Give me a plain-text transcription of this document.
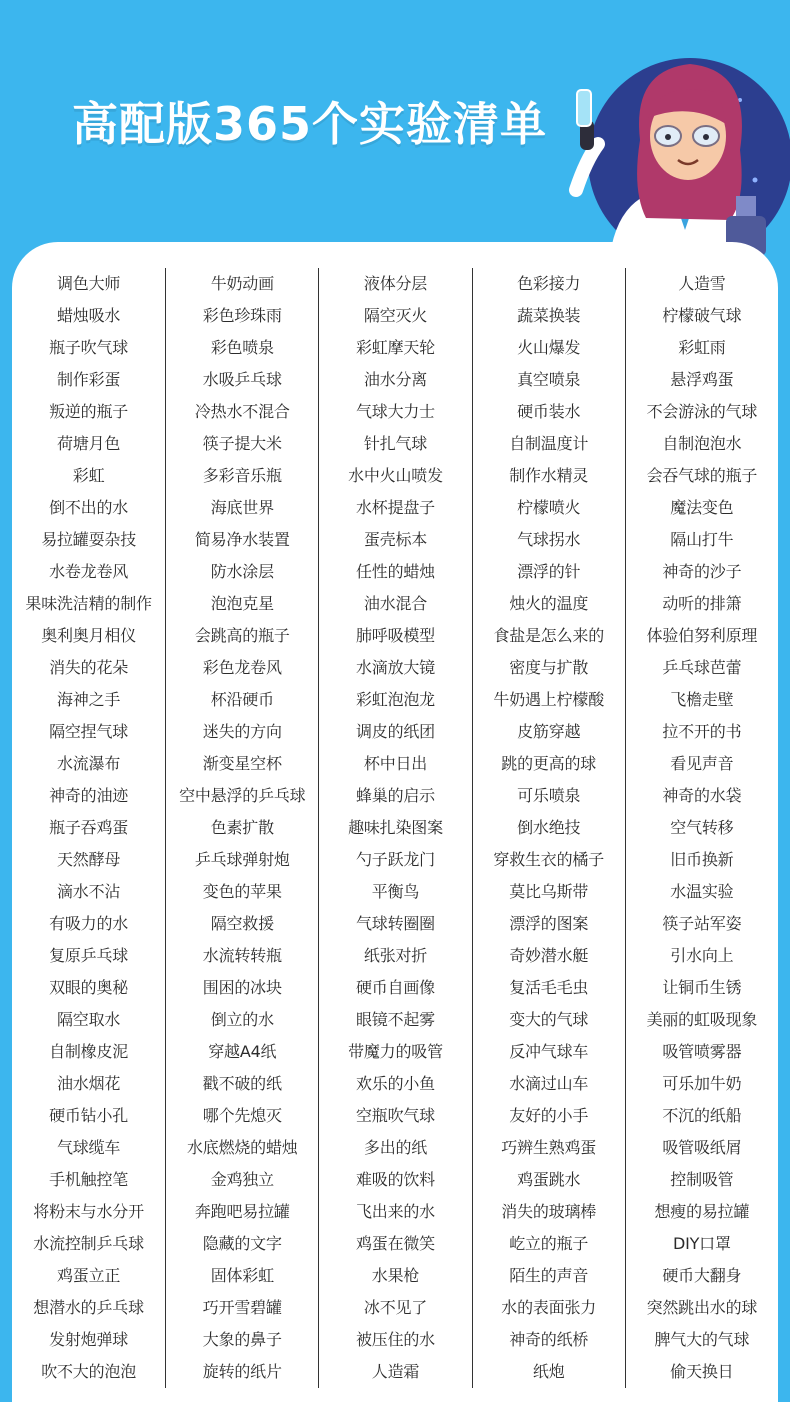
高配版365个实验清单
调色大师
蜡烛吸水
瓶子吹气球
制作彩蛋
叛逆的瓶子
荷塘月色
彩虹
倒不出的水
易拉罐耍杂技
水卷龙卷风
果味洗洁精的制作
奥利奥月相仪
消失的花朵
海神之手
隔空捏气球
水流瀑布
神奇的油迹
瓶子吞鸡蛋
天然酵母
滴水不沾
有吸力的水
复原乒乓球
双眼的奥秘
隔空取水
自制橡皮泥
油水烟花
硬币钻小孔
气球缆车
手机触控笔
将粉末与水分开
水流控制乒乓球
鸡蛋立正
想潜水的乒乓球
发射炮弹球
吹不大的泡泡
牛奶动画
彩色珍珠雨
彩色喷泉
水吸乒乓球
冷热水不混合
筷子提大米
多彩音乐瓶
海底世界
简易净水装置
防水涂层
泡泡克星
会跳高的瓶子
彩色龙卷风
杯沿硬币
迷失的方向
渐变星空杯
空中悬浮的乒乓球
色素扩散
乒乓球弹射炮
变色的苹果
隔空救援
水流转转瓶
围困的冰块
倒立的水
穿越A4纸
戳不破的纸
哪个先熄灭
水底燃烧的蜡烛
金鸡独立
奔跑吧易拉罐
隐藏的文字
固体彩虹
巧开雪碧罐
大象的鼻子
旋转的纸片
液体分层
隔空灭火
彩虹摩天轮
油水分离
气球大力士
针扎气球
水中火山喷发
水杯提盘子
蛋壳标本
任性的蜡烛
油水混合
肺呼吸模型
水滴放大镜
彩虹泡泡龙
调皮的纸团
杯中日出
蜂巢的启示
趣味扎染图案
勺子跃龙门
平衡鸟
气球转圈圈
纸张对折
硬币自画像
眼镜不起雾
带魔力的吸管
欢乐的小鱼
空瓶吹气球
多出的纸
难吸的饮料
飞出来的水
鸡蛋在微笑
水果枪
冰不见了
被压住的水
人造霜
色彩接力
蔬菜换装
火山爆发
真空喷泉
硬币装水
自制温度计
制作水精灵
柠檬喷火
气球拐水
漂浮的针
烛火的温度
食盐是怎么来的
密度与扩散
牛奶遇上柠檬酸
皮筋穿越
跳的更高的球
可乐喷泉
倒水绝技
穿救生衣的橘子
莫比乌斯带
漂浮的图案
奇妙潜水艇
复活毛毛虫
变大的气球
反冲气球车
水滴过山车
友好的小手
巧辨生熟鸡蛋
鸡蛋跳水
消失的玻璃棒
屹立的瓶子
陌生的声音
水的表面张力
神奇的纸桥
纸炮
人造雪
柠檬破气球
彩虹雨
悬浮鸡蛋
不会游泳的气球
自制泡泡水
会吞气球的瓶子
魔法变色
隔山打牛
神奇的沙子
动听的排箫
体验伯努利原理
乒乓球芭蕾
飞檐走壁
拉不开的书
看见声音
神奇的水袋
空气转移
旧币换新
水温实验
筷子站军姿
引水向上
让铜币生锈
美丽的虹吸现象
吸管喷雾器
可乐加牛奶
不沉的纸船
吸管吸纸屑
控制吸管
想瘦的易拉罐
DIY口罩
硬币大翻身
突然跳出水的球
脾气大的气球
偷天换日
